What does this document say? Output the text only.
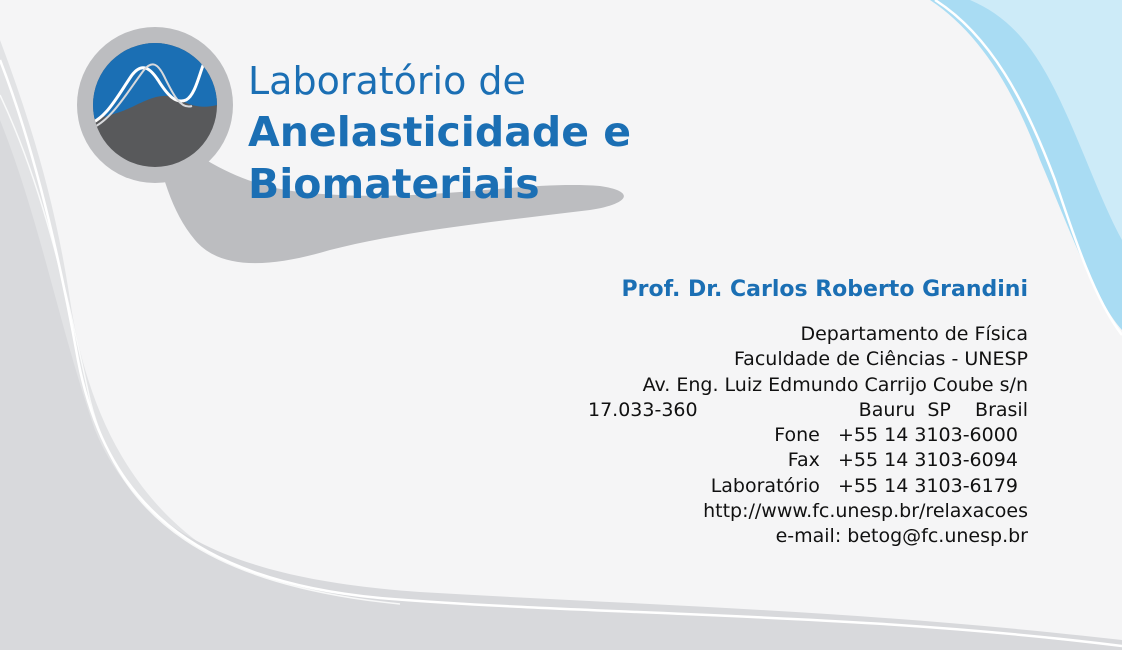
Laboratório de
Anelasticidade e
Biomateriais
Prof. Dr. Carlos Roberto Grandini
Departamento de Física
Faculdade de Ciências - UNESP
Av. Eng. Luiz Edmundo Carrijo Coube s/n
17.033-360	Bauru SP Brasil
Fone +55 14 3103-6000
Fax +55 14 3103-6094
Laboratório +55 14 3103-6179
http://www.fc.unesp.br/relaxacoes
e-mail: betog@fc.unesp.br
